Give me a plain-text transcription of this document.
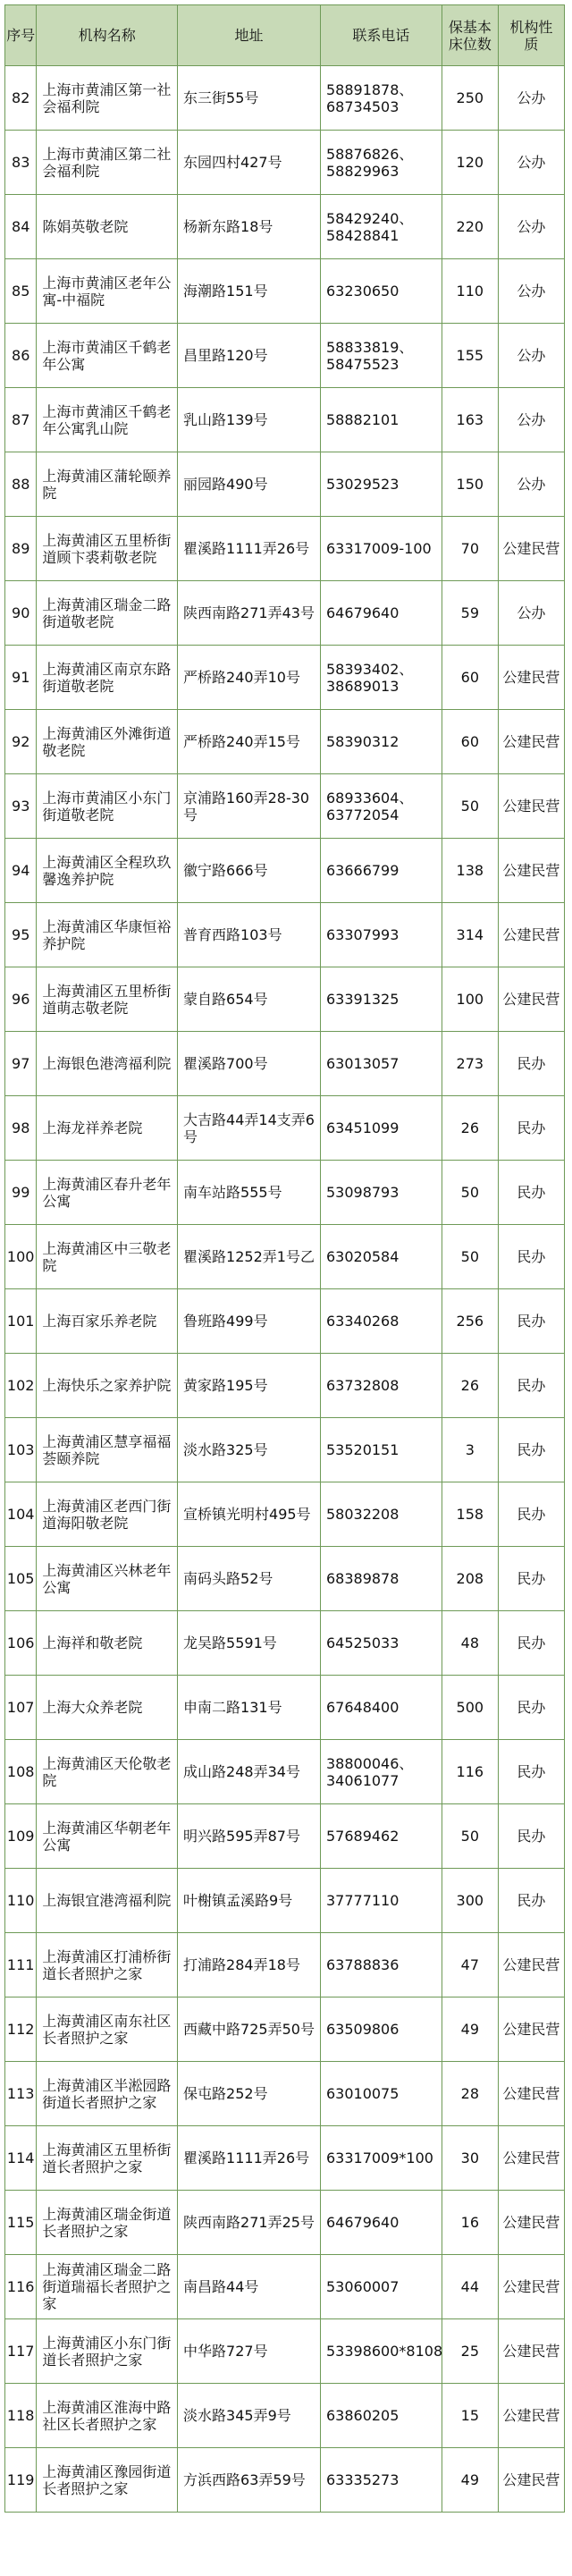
序号	机构名称	地址	联系电话	保基本床位数	机构性质
82	上海市黄浦区第一社会福利院	东三街55号	58891878、68734503	250	公办
83	上海市黄浦区第二社会福利院	东园四村427号	58876826、58829963	120	公办
84	陈娟英敬老院	杨新东路18号	58429240、58428841	220	公办
85	上海市黄浦区老年公寓-中福院	海潮路151号	63230650	110	公办
86	上海市黄浦区千鹤老年公寓	昌里路120号	58833819、58475523	155	公办
87	上海市黄浦区千鹤老年公寓乳山院	乳山路139号	58882101	163	公办
88	上海黄浦区蒲轮颐养院	丽园路490号	53029523	150	公办
89	上海黄浦区五里桥街道顾卞裘莉敬老院	瞿溪路1111弄26号	63317009-100	70	公建民营
90	上海黄浦区瑞金二路街道敬老院	陕西南路271弄43号	64679640	59	公办
91	上海黄浦区南京东路街道敬老院	严桥路240弄10号	58393402、38689013	60	公建民营
92	上海黄浦区外滩街道敬老院	严桥路240弄15号	58390312	60	公建民营
93	上海市黄浦区小东门街道敬老院	京浦路160弄28-30号	68933604、63772054	50	公建民营
94	上海黄浦区全程玖玖馨逸养护院	徽宁路666号	63666799	138	公建民营
95	上海黄浦区华康恒裕养护院	普育西路103号	63307993	314	公建民营
96	上海黄浦区五里桥街道萌志敬老院	蒙自路654号	63391325	100	公建民营
97	上海银色港湾福利院	瞿溪路700号	63013057	273	民办
98	上海龙祥养老院	大吉路44弄14支弄6号	63451099	26	民办
99	上海黄浦区春升老年公寓	南车站路555号	53098793	50	民办
100	上海黄浦区中三敬老院	瞿溪路1252弄1号乙	63020584	50	民办
101	上海百家乐养老院	鲁班路499号	63340268	256	民办
102	上海快乐之家养护院	黄家路195号	63732808	26	民办
103	上海黄浦区慧享福福荟颐养院	淡水路325号	53520151	3	民办
104	上海黄浦区老西门街道海阳敬老院	宣桥镇光明村495号	58032208	158	民办
105	上海黄浦区兴林老年公寓	南码头路52号	68389878	208	民办
106	上海祥和敬老院	龙吴路5591号	64525033	48	民办
107	上海大众养老院	申南二路131号	67648400	500	民办
108	上海黄浦区天伦敬老院	成山路248弄34号	38800046、34061077	116	民办
109	上海黄浦区华朝老年公寓	明兴路595弄87号	57689462	50	民办
110	上海银宜港湾福利院	叶榭镇孟溪路9号	37777110	300	民办
111	上海黄浦区打浦桥街道长者照护之家	打浦路284弄18号	63788836	47	公建民营
112	上海黄浦区南东社区长者照护之家	西藏中路725弄50号	63509806	49	公建民营
113	上海黄浦区半淞园路街道长者照护之家	保屯路252号	63010075	28	公建民营
114	上海黄浦区五里桥街道长者照护之家	瞿溪路1111弄26号	63317009*100	30	公建民营
115	上海黄浦区瑞金街道长者照护之家	陕西南路271弄25号	64679640	16	公建民营
116	上海黄浦区瑞金二路街道瑞福长者照护之家	南昌路44号	53060007	44	公建民营
117	上海黄浦区小东门街道长者照护之家	中华路727号	53398600*8108	25	公建民营
118	上海黄浦区淮海中路社区长者照护之家	淡水路345弄9号	63860205	15	公建民营
119	上海黄浦区豫园街道长者照护之家	方浜西路63弄59号	63335273	49	公建民营
